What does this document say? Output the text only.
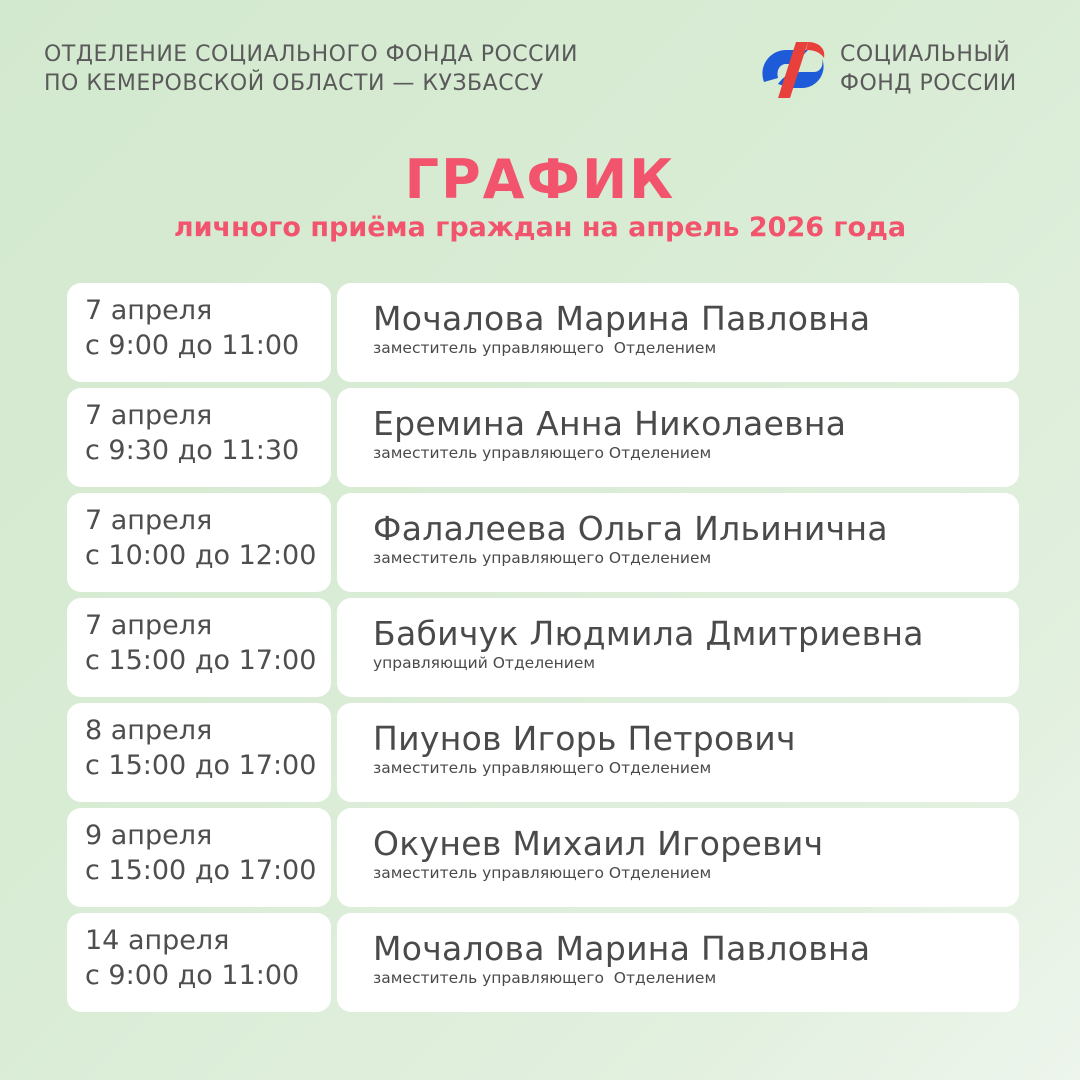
ОТДЕЛЕНИЕ СОЦИАЛЬНОГО ФОНДА РОССИИ
ПО КЕМЕРОВСКОЙ ОБЛАСТИ — КУЗБАССУ
СОЦИАЛЬНЫЙ
ФОНД РОССИИ
ГРАФИК
личного приёма граждан на апрель 2026 года
7 апреля
с 9:00 до 11:00
Мочалова Марина Павловна
заместитель управляющего  Отделением
7 апреля
с 9:30 до 11:30
Еремина Анна Николаевна
заместитель управляющего Отделением
7 апреля
с 10:00 до 12:00
Фалалеева Ольга Ильинична
заместитель управляющего Отделением
7 апреля
с 15:00 до 17:00
Бабичук Людмила Дмитриевна
управляющий Отделением
8 апреля
с 15:00 до 17:00
Пиунов Игорь Петрович
заместитель управляющего Отделением
9 апреля
с 15:00 до 17:00
Окунев Михаил Игоревич
заместитель управляющего Отделением
14 апреля
с 9:00 до 11:00
Мочалова Марина Павловна
заместитель управляющего  Отделением
